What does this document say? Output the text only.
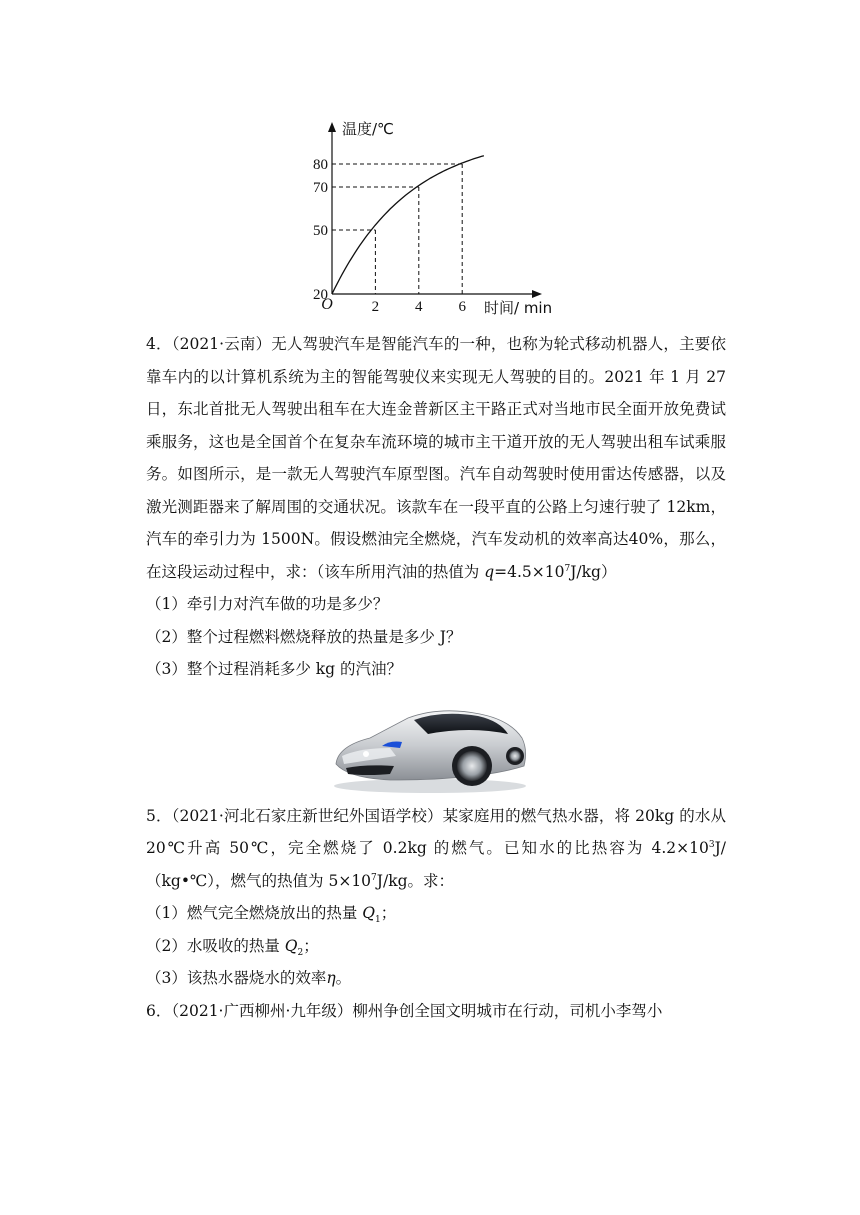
温度/℃
时间/ min
O	2 4 6
20
50
70
80

4．（2021·云南）无人驾驶汽车是智能汽车的一种，也称为轮式移动机器人，主要依靠车内的以计算机系统为主的智能驾驶仪来实现无人驾驶的目的。2021 年 1 月 27 日，东北首批无人驾驶出租车在大连金普新区主干路正式对当地市民全面开放免费试乘服务，这也是全国首个在复杂车流环境的城市主干道开放的无人驾驶出租车试乘服务。如图所示，是一款无人驾驶汽车原型图。汽车自动驾驶时使用雷达传感器，以及激光测距器来了解周围的交通状况。该款车在一段平直的公路上匀速行驶了 12km，汽车的牵引力为 1500N。假设燃油完全燃烧，汽车发动机的效率高达40%，那么，在这段运动过程中，求：（该车所用汽油的热值为 $q=4.5\times 10^7J/kg$）

（1）牵引力对汽车做的功是多少？

（2）整个过程燃料燃烧释放的热量是多少 J？

（3）整个过程消耗多少 kg 的汽油？

5．（2021·河北石家庄新世纪外国语学校）某家庭用的燃气热水器，将 20kg 的水从 20℃升高 50℃，完全燃烧了 0.2kg 的燃气。已知水的比热容为 $4.2\times 10^3J/(kg•℃)$，燃气的热值为 $5\times 10^7J/kg$。求：

（1）燃气完全燃烧放出的热量 $Q_1$；

（2）水吸收的热量 $Q_2$；

（3）该热水器烧水的效率η。

6．（2021·广西柳州·九年级）柳州争创全国文明城市在行动，司机小李驾小
